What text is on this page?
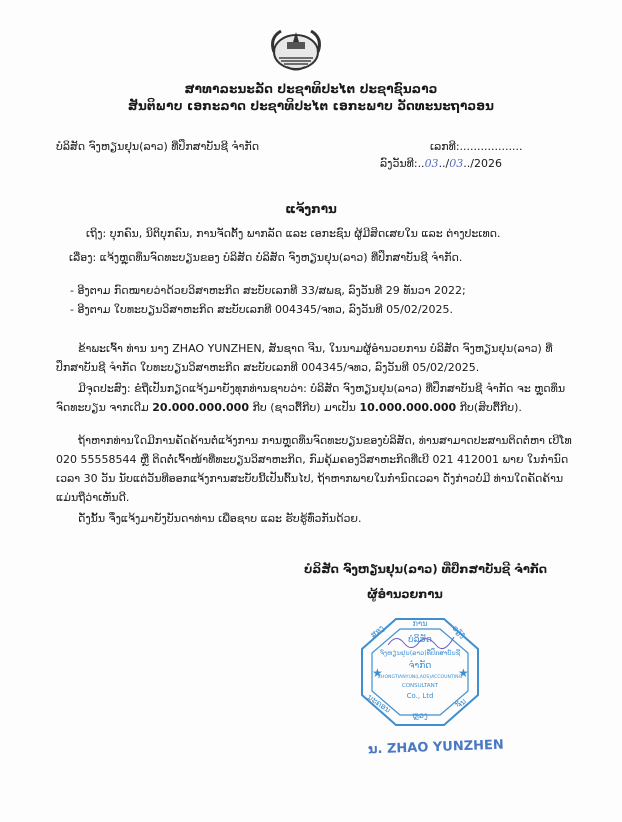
ສາທາລະນະລັດ ປະຊາທິປະໄຕ ປະຊາຊົນລາວ
ສັນຕິພາບ ເອກະລາດ ປະຊາທິປະໄຕ ເອກະພາບ ວັດທະນະຖາວອນ
ບໍລິສັດ ຈົງຫຽນຢຸນ(ລາວ) ທີ່ປຶກສາບັນຊີ ຈຳກັດ	ເລກທີ:..................
ລົງວັນທີ:..03../03../2026
ແຈ້ງການ
ເຖິງ: ບຸກຄົນ, ນິຕິບຸກຄົນ, ການຈັດຕັ້ງ ພາກລັດ ແລະ ເອກະຊົນ ຜູ້ມີສິດເສຍໃນ ແລະ ຕ່າງປະເທດ.
ເລື່ອງ: ແຈ້ງຫຼຸດທຶນຈົດທະບຽນຂອງ ບໍລິສັດ ບໍລິສັດ ຈົງຫຽນຢຸນ(ລາວ) ທີ່ປຶກສາບັນຊີ ຈຳກັດ.
- ອີງຕາມ ກົດໝາຍວ່າດ້ວຍວິສາຫະກິດ ສະບັບເລກທີ 33/ສພຊ, ລົງວັນທີ 29 ທັນວາ 2022;
- ອີງຕາມ ໃບທະບຽນວິສາຫະກິດ ສະບັບເລກທີ 004345/ຈທວ, ລົງວັນທີ 05/02/2025.
ຂ້າພະເຈົ້າ ທ່ານ ນາງ ZHAO YUNZHEN, ສັນຊາດ ຈີນ, ໃນນາມຜູ້ອຳນວຍການ ບໍລິສັດ ຈົງຫຽນຢຸນ(ລາວ) ທີ່ປຶກສາບັນຊີ ຈຳກັດ ໃບທະບຽນວິສາຫະກິດ ສະບັບເລກທີ 004345/ຈທວ, ລົງວັນທີ 05/02/2025.
ມີຈຸດປະສົງ: ຂໍຖືເປັນກຽດແຈ້ງມາຍັງທຸກທ່ານຊາບວ່າ: ບໍລິສັດ ຈົງຫຽນຢຸນ(ລາວ) ທີ່ປຶກສາບັນຊີ ຈຳກັດ ຈະ ຫຼຸດທຶນຈົດທະບຽນ ຈາກເດີມ 20.000.000.000 ກີບ (ຊາວຕື້ກີບ) ມາເປັນ 10.000.000.000 ກີບ(ສິບຕື້ກີບ).
ຖ້າຫາກທ່ານໃດມີການຄັດຄ້ານຕໍ່ແຈ້ງການ ການຫຼຸດທຶນຈົດທະບຽນຂອງບໍລິສັດ, ທ່ານສາມາດປະສານຕິດຕໍ່ຫາ ເບີໂທ 020 55558544 ຫຼື ຕິດຕໍ່ເຈົ້າໜ້າທີ່ທະບຽນວິສາຫະກິດ, ກົມຄຸ້ມຄອງວິສາຫະກິດທີ່ເບີ 021 412001 ພາຍ ໃນກຳນົດເວລາ 30 ວັນ ນັບແຕ່ວັນທີອອກແຈ້ງການສະບັບນີ້ເປັນຕົ້ນໄປ, ຖ້າຫາກພາຍໃນກຳນົດເວລາ ດັ່ງກ່າວບໍ່ມີ ທ່ານໃດຄັດຄ້ານ ແມ່ນຖືວ່າເຫັນດີ.
ດັ່ງນັ້ນ ຈຶ່ງແຈ້ງມາຍັງບັນດາທ່ານ ເພື່ອຊາບ ແລະ ຮັບຮູ້ທົ່ວກັນດ້ວຍ.
ບໍລິສັດ ຈົງຫຽນຢຸນ(ລາວ) ທີ່ປຶກສາບັນຊີ ຈຳກັດ
ຜູ້ອຳນວຍການ
★	★
ການ
ສອງ	ວຽງ
ບໍລິສັດ
ຈົງຫຽນຢຸນ(ລາວ)ທີ່ປຶກສາບັນຊີ
ຈຳກັດ
ZHONGTIANYUN(LAOS)ACCOUNTING
CONSULTANT
Co., Ltd
ນະຄອນ	ຈັນ
ຫຼວງ
ນ. ZHAO YUNZHEN
